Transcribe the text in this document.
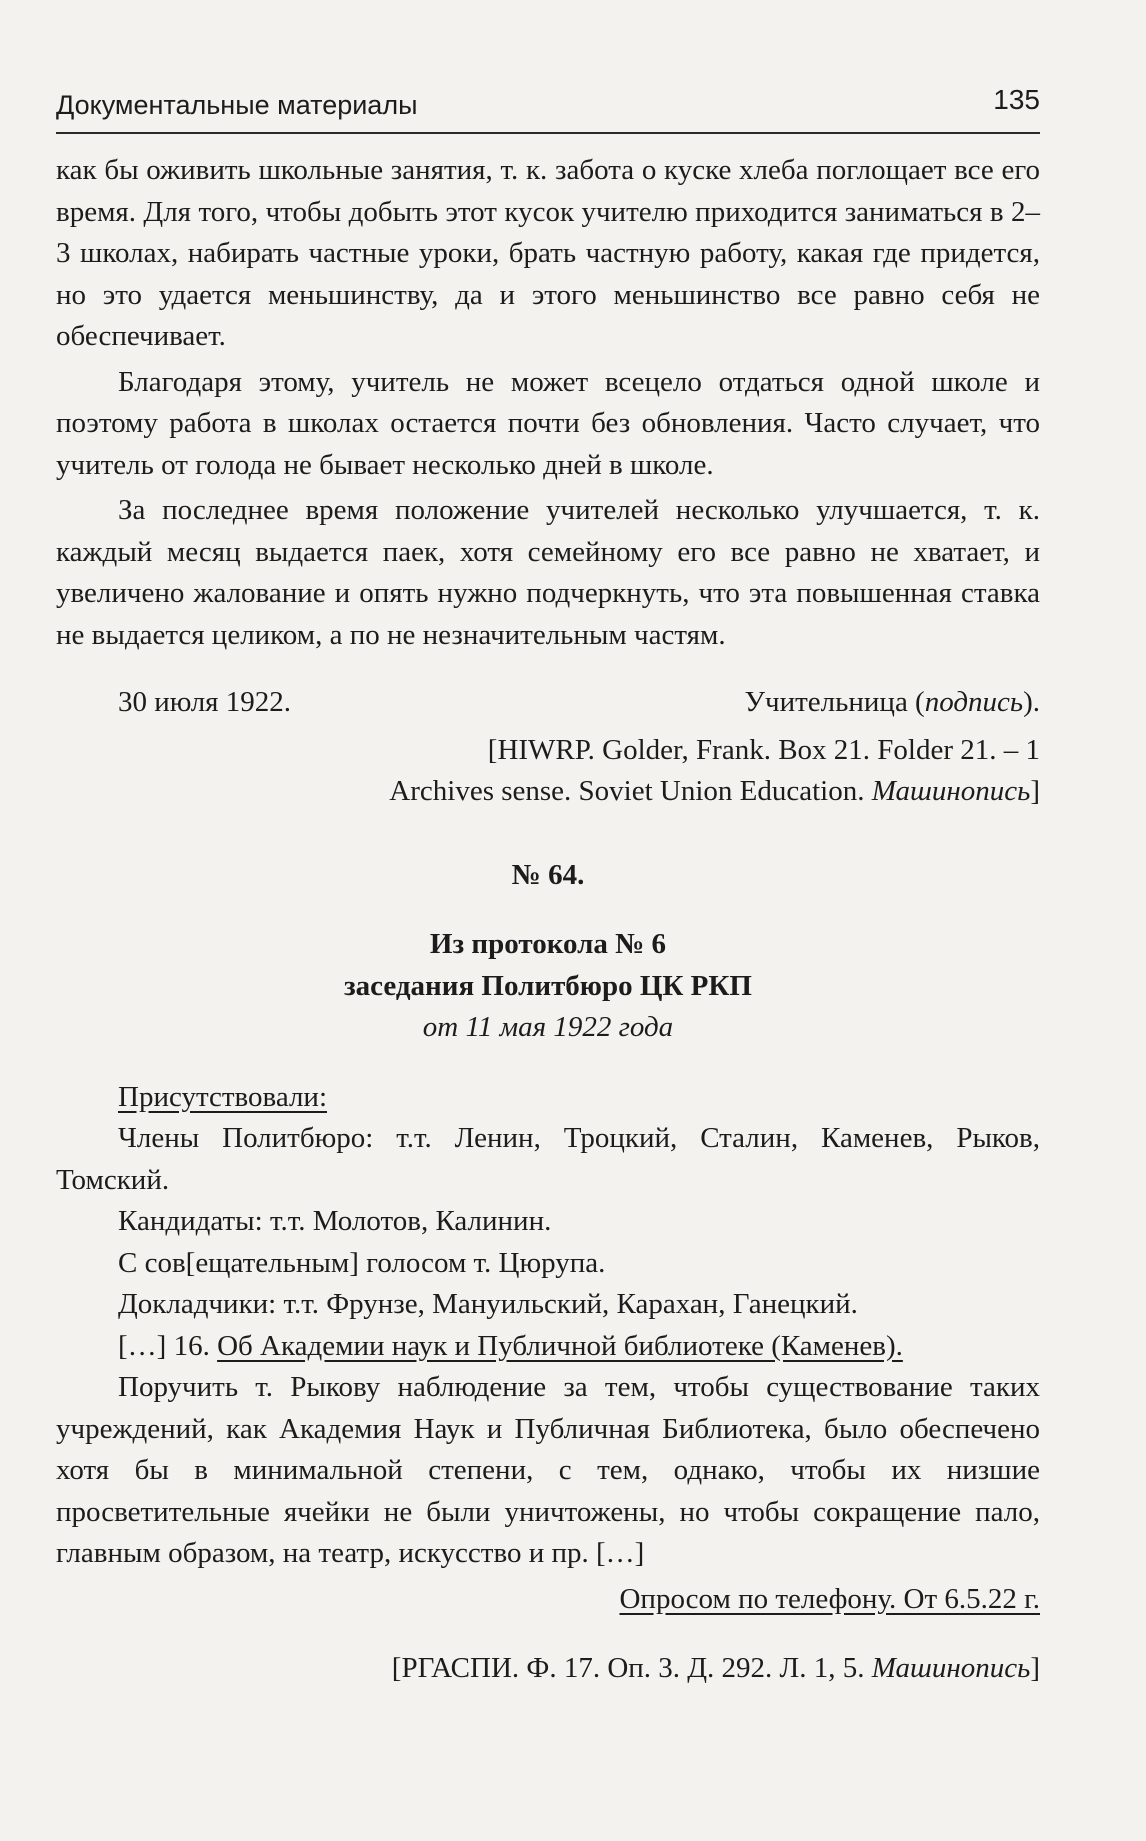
Документальные материалы	135

как бы оживить школьные занятия, т. к. забота о куске хлеба поглощает все его время. Для того, чтобы добыть этот кусок учителю приходится заниматься в 2–3 школах, набирать частные уроки, брать частную работу, какая где придется, но это удается меньшинству, да и этого меньшинство все равно себя не обеспечивает.

Благодаря этому, учитель не может всецело отдаться одной школе и поэтому работа в школах остается почти без обновления. Часто случает, что учитель от голода не бывает несколько дней в школе.

За последнее время положение учителей несколько улучшается, т. к. каждый месяц выдается паек, хотя семейному его все равно не хватает, и увеличено жалование и опять нужно подчеркнуть, что эта повышенная ставка не выдается целиком, а по не незначительным частям.

30 июля 1922.	Учительница (подпись).

[HIWRP. Golder, Frank. Box 21. Folder 21. – 1

Archives sense. Soviet Union Education. Машинопись]

№ 64.

Из протокола № 6

заседания Политбюро ЦК РКП

от 11 мая 1922 года

Присутствовали:

Члены Политбюро: т.т. Ленин, Троцкий, Сталин, Каменев, Рыков, Томский.

Кандидаты: т.т. Молотов, Калинин.

С сов[ещательным] голосом т. Цюрупа.

Докладчики: т.т. Фрунзе, Мануильский, Карахан, Ганецкий.

[…] 16. Об Академии наук и Публичной библиотеке (Каменев).

Поручить т. Рыкову наблюдение за тем, чтобы существование таких учреждений, как Академия Наук и Публичная Библиотека, было обеспечено хотя бы в минимальной степени, с тем, однако, чтобы их низшие просветительные ячейки не были уничтожены, но чтобы сокращение пало, главным образом, на театр, искусство и пр. […]

Опросом по телефону. От 6.5.22 г.

[РГАСПИ. Ф. 17. Оп. 3. Д. 292. Л. 1, 5. Машинопись]
